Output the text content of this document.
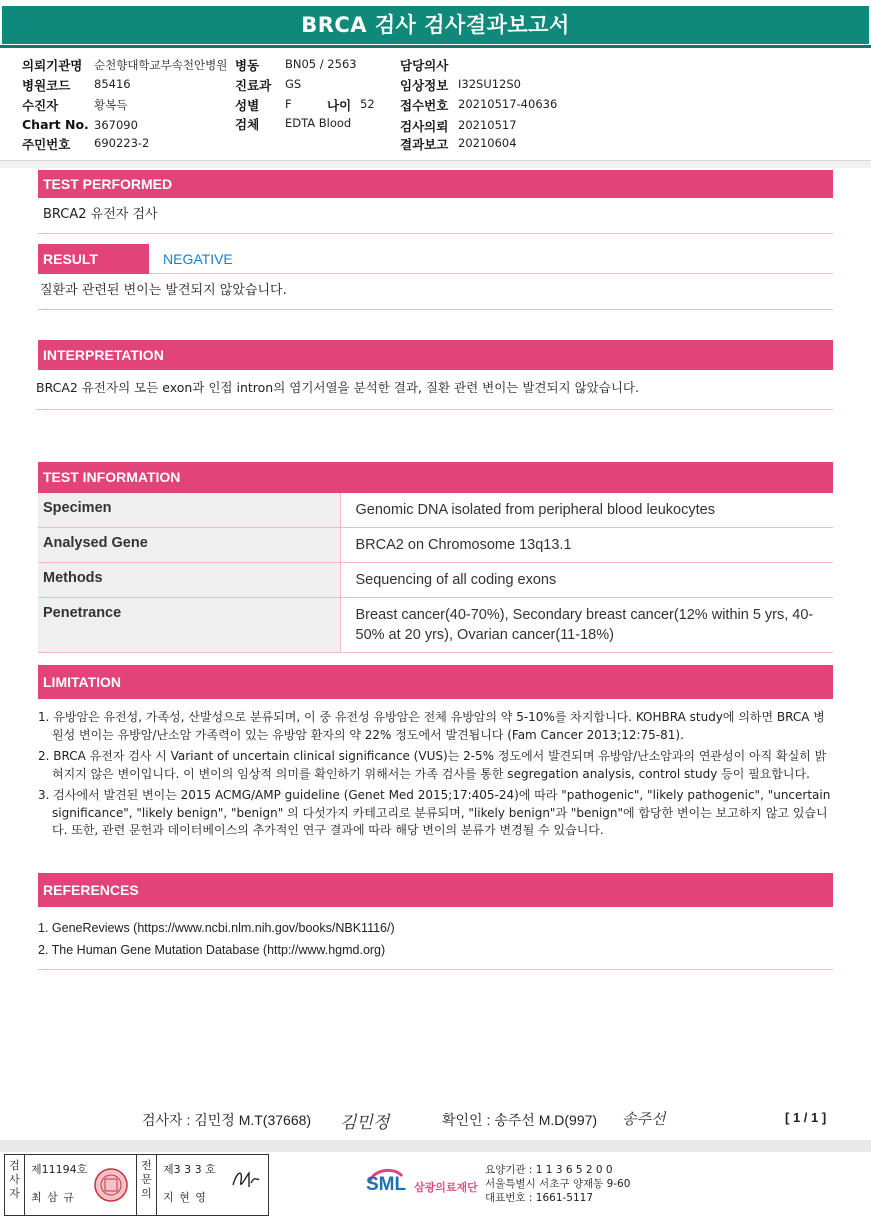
BRCA 검사 검사결과보고서
의뢰기관명 순천향대학교부속천안병원 병동 BN05 / 2563	담당의사
병원코드 85416	진료과 GS	임상정보 I32SU12S0
수진자	황복득	성별 F	나이 52 접수번호 20210517-40636
Chart No. 367090	검체 EDTA Blood	검사의뢰 20210517
주민번호 690223-2	결과보고 20210604
TEST PERFORMED
BRCA2 유전자 검사
RESULT	NEGATIVE
질환과 관련된 변이는 발견되지 않았습니다.
INTERPRETATION
BRCA2 유전자의 모든 exon과 인접 intron의 염기서열을 분석한 결과, 질환 관련 변이는 발견되지 않았습니다.
TEST INFORMATION
Specimen	Genomic DNA isolated from peripheral blood leukocytes
Analysed Gene	BRCA2 on Chromosome 13q13.1
Methods	Sequencing of all coding exons
Penetrance	Breast cancer(40-70%), Secondary breast cancer(12% within 5 yrs, 40-50% at 20 yrs), Ovarian cancer(11-18%)
LIMITATION
1. 유방암은 유전성, 가족성, 산발성으로 분류되며, 이 중 유전성 유방암은 전체 유방암의 약 5-10%를 차지합니다. KOHBRA study에 의하면 BRCA 병원성 변이는 유방암/난소암 가족력이 있는 유방암 환자의 약 22% 정도에서 발견됩니다 (Fam Cancer 2013;12:75-81).
2. BRCA 유전자 검사 시 Variant of uncertain clinical significance (VUS)는 2-5% 정도에서 발견되며 유방암/난소암과의 연관성이 아직 확실히 밝혀지지 않은 변이입니다. 이 변이의 임상적 의미를 확인하기 위해서는 가족 검사를 통한 segregation analysis, control study 등이 필요합니다.
3. 검사에서 발견된 변이는 2015 ACMG/AMP guideline (Genet Med 2015;17:405-24)에 따라 "pathogenic", "likely pathogenic", "uncertain significance", "likely benign", "benign" 의 다섯가지 카테고리로 분류되며, "likely benign"과 "benign"에 합당한 변이는 보고하지 않고 있습니다. 또한, 관련 문헌과 데이터베이스의 추가적인 연구 결과에 따라 해당 변이의 분류가 변경될 수 있습니다.
REFERENCES
1. GeneReviews (https://www.ncbi.nlm.nih.gov/books/NBK1116/)
2. The Human Gene Mutation Database (http://www.hgmd.org)
검사자 : 김민정 M.T(37668) 김민정	확인인 : 송주선 M.D(997) 송주선	[ 1 / 1 ]
검
사
자
제11194호
최 삼 규
전
문
의
제3 3 3 호
지 현 영
SML 삼광의료재단
요양기관 : 1 1 3 6 5 2 0 0
서울특별시 서초구 양재동 9-60
대표번호 : 1661-5117
